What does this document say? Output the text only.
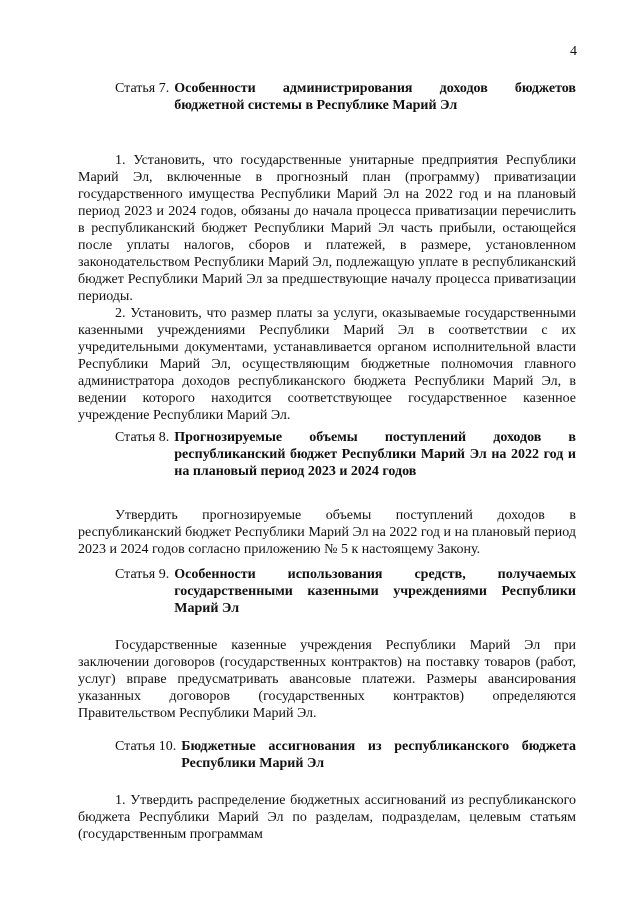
4
Статья 7. Особенности администрирования доходов бюджетов бюджетной системы в Республике Марий Эл

1. Установить, что государственные унитарные предприятия Республики Марий Эл, включенные в прогнозный план (программу) приватизации государственного имущества Республики Марий Эл на 2022 год и на плановый период 2023 и 2024 годов, обязаны до начала процесса приватизации перечислить в республиканский бюджет Республики Марий Эл часть прибыли, остающейся после уплаты налогов, сборов и платежей, в размере, установленном законодательством Республики Марий Эл, подлежащую уплате в республиканский бюджет Республики Марий Эл за предшествующие началу процесса приватизации периоды.

2. Установить, что размер платы за услуги, оказываемые государственными казенными учреждениями Республики Марий Эл в соответствии с их учредительными документами, устанавливается органом исполнительной власти Республики Марий Эл, осуществляющим бюджетные полномочия главного администратора доходов республиканского бюджета Республики Марий Эл, в ведении которого находится соответствующее государственное казенное учреждение Республики Марий Эл.

Статья 8. Прогнозируемые объемы поступлений доходов в республиканский бюджет Республики Марий Эл на 2022 год и на плановый период 2023 и 2024 годов

Утвердить прогнозируемые объемы поступлений доходов в республиканский бюджет Республики Марий Эл на 2022 год и на плановый период 2023 и 2024 годов согласно приложению № 5 к настоящему Закону.

Статья 9. Особенности использования средств, получаемых государственными казенными учреждениями Республики Марий Эл

Государственные казенные учреждения Республики Марий Эл при заключении договоров (государственных контрактов) на поставку товаров (работ, услуг) вправе предусматривать авансовые платежи. Размеры авансирования указанных договоров (государственных контрактов) определяются Правительством Республики Марий Эл.

Статья 10. Бюджетные ассигнования из республиканского бюджета Республики Марий Эл

1. Утвердить распределение бюджетных ассигнований из республиканского бюджета Республики Марий Эл по разделам, подразделам, целевым статьям (государственным программам
